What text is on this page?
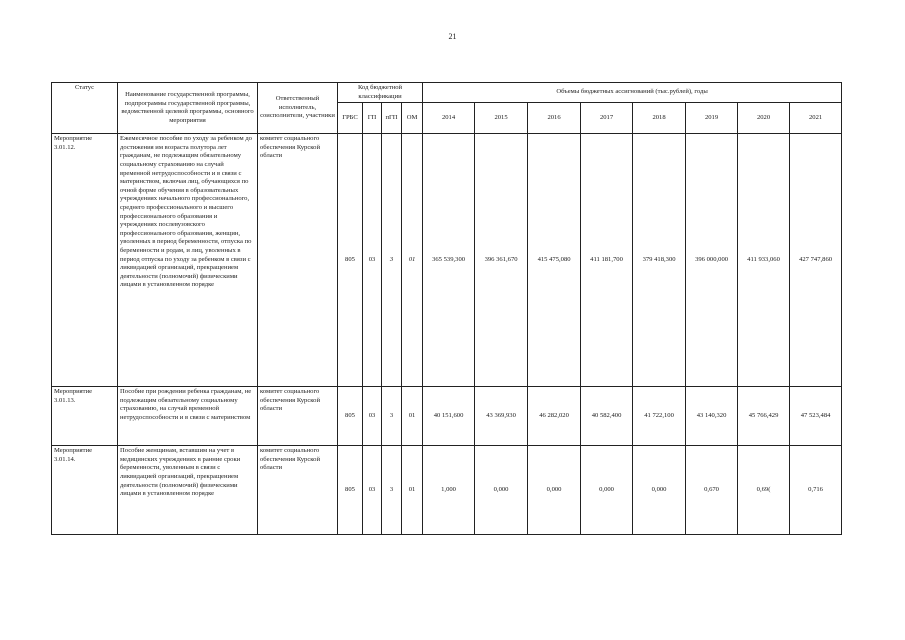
21
Статус	Наименование государственной программы, подпрограммы государственной программы, ведомственной целевой программы, основного мероприятия	Ответственный исполнитель, соисполнители, участники	Код бюджетной классификации				Объемы бюджетных ассигнований (тыс.рублей), годы							
			ГРБС	ГП	пГП	ОМ	2014	2015	2016	2017	2018	2019	2020	2021
Мероприятие 3.01.12.	Ежемесячное пособие по уходу за ребенком до достижения им возраста полутора лет гражданам, не подлежащим обязательному социальному страхованию на случай временной нетрудоспособности и в связи с материнством, включая лиц, обучающихся по очной форме обучения в образовательных учреждениях начального профессионального, среднего профессионального и высшего профессионального образования и учреждениях послевузовского профессионального образования, женщин, уволенных в период беременности, отпуска по беременности и родам, и лиц, уволенных в период отпуска по уходу за ребенком в связи с ликвидацией организаций, прекращением деятельности (полномочий) физическими лицами в установленном порядке	комитет социального обеспечения Курской области	805	03	3	01	365 539,300	396 361,670	415 475,080	411 181,700	379 418,300	396 000,000	411 933,060	427 747,860
Мероприятие 3.01.13.	Пособие при рождении ребенка гражданам, не подлежащим обязательному социальному страхованию, на случай временной нетрудоспособности и в связи с материнством	комитет социального обеспечения Курской области	805	03	3	01	40 151,600	43 369,930	46 282,020	40 582,400	41 722,100	43 140,320	45 766,429	47 523,484
Мероприятие 3.01.14.	Пособие женщинам, вставшим на учет в медицинских учреждениях в ранние сроки беременности, уволенным в связи с ликвидацией организаций, прекращением деятельности (полномочий) физическими лицами в установленном порядке	комитет социального обеспечения Курской области	805	03	3	01	1,000	0,000	0,000	0,000	0,000	0,670	0,69(	0,716
